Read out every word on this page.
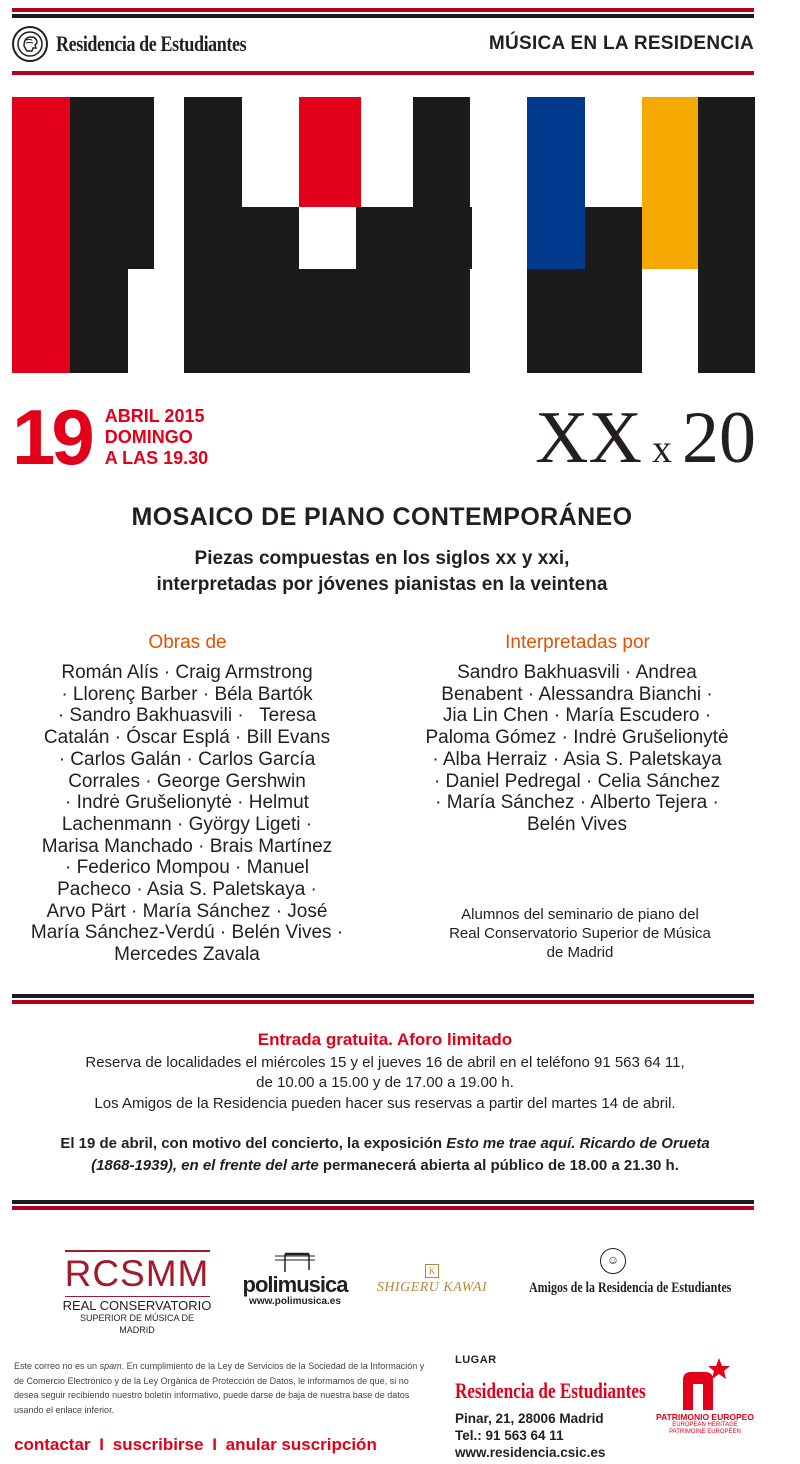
Residencia de Estudiantes	MÚSICA EN LA RESIDENCIA
19 ABRIL 2015
DOMINGO
A LAS 19.30	XX x 20
MOSAICO DE PIANO CONTEMPORÁNEO
Piezas compuestas en los siglos xx y xxi,
interpretadas por jóvenes pianistas en la veintena
Obras de
Román Alís · Craig Armstrong
· Llorenç Barber · Béla Bartók
· Sandro Bakhuasvili ·   Teresa
Catalán · Óscar Esplá · Bill Evans
· Carlos Galán · Carlos García
Corrales · George Gershwin
· Indrė Grušelionytė · Helmut
Lachenmann · György Ligeti ·
Marisa Manchado · Brais Martínez
· Federico Mompou · Manuel
Pacheco · Asia S. Paletskaya ·
Arvo Pärt · María Sánchez · José
María Sánchez-Verdú · Belén Vives ·
Mercedes Zavala
Interpretadas por
Sandro Bakhuasvili · Andrea
Benabent · Alessandra Bianchi ·
Jia Lin Chen · María Escudero ·
Paloma Gómez · Indrė Grušelionytė
· Alba Herraiz · Asia S. Paletskaya
· Daniel Pedregal · Celia Sánchez
· María Sánchez · Alberto Tejera ·
Belén Vives
Alumnos del seminario de piano del
Real Conservatorio Superior de Música
de Madrid
Entrada gratuita. Aforo limitado
Reserva de localidades el miércoles 15 y el jueves 16 de abril en el teléfono 91 563 64 11,
de 10.00 a 15.00 y de 17.00 a 19.00 h.
Los Amigos de la Residencia pueden hacer sus reservas a partir del martes 14 de abril.
El 19 de abril, con motivo del concierto, la exposición Esto me trae aquí. Ricardo de Orueta
(1868-1939), en el frente del arte permanecerá abierta al público de 18.00 a 21.30 h.
RCSMM
REAL CONSERVATORIO
SUPERIOR DE MÚSICA DE MADRID
polimusica
www.polimusica.es
K
SHIGERU KAWAI
☺
Amigos de la Residencia de Estudiantes
Este correo no es un spam. En cumplimiento de la Ley de Servicios de la Sociedad de la Información y de Comercio Electrónico y de la Ley Orgánica de Protección de Datos, le informamos de que, si no desea seguir recibiendo nuestro boletín informativo, puede darse de baja de nuestra base de datos usando el enlace inferior.
contactar I suscribirse I anular suscripción
LUGAR
Residencia de Estudiantes
Pinar, 21, 28006 Madrid
Tel.: 91 563 64 11
www.residencia.csic.es
PATRIMONIO EUROPEO
EUROPEAN HERITAGE
PATRIMOINE EUROPÉEN
